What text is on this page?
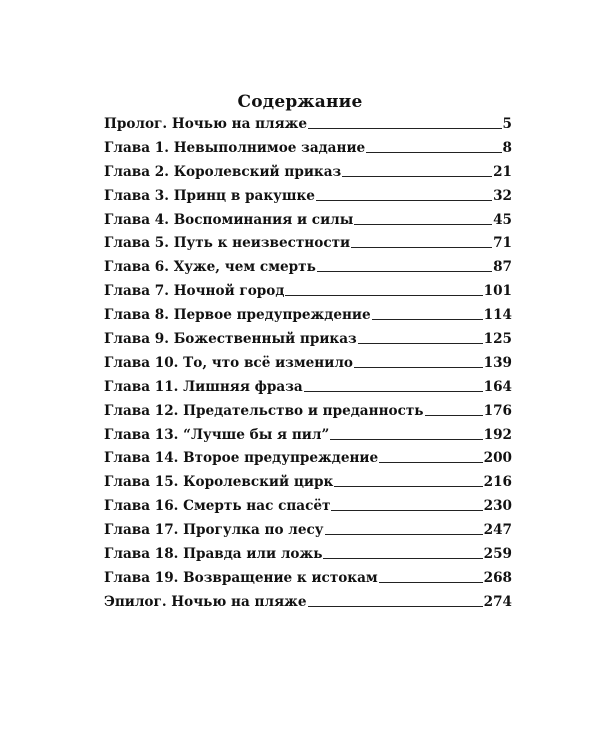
Содержание
Пролог. Ночью на пляже	5
Глава 1. Невыполнимое задание	8
Глава 2. Королевский приказ	21
Глава 3. Принц в ракушке	32
Глава 4. Воспоминания и силы	45
Глава 5. Путь к неизвестности	71
Глава 6. Хуже, чем смерть	87
Глава 7. Ночной город	101
Глава 8. Первое предупреждение	114
Глава 9. Божественный приказ	125
Глава 10. То, что всё изменило	139
Глава 11. Лишняя фраза	164
Глава 12. Предательство и преданность	176
Глава 13. “Лучше бы я пил”	192
Глава 14. Второе предупреждение	200
Глава 15. Королевский цирк	216
Глава 16. Смерть нас спасёт	230
Глава 17. Прогулка по лесу	247
Глава 18. Правда или ложь	259
Глава 19. Возвращение к истокам	268
Эпилог. Ночью на пляже	274
